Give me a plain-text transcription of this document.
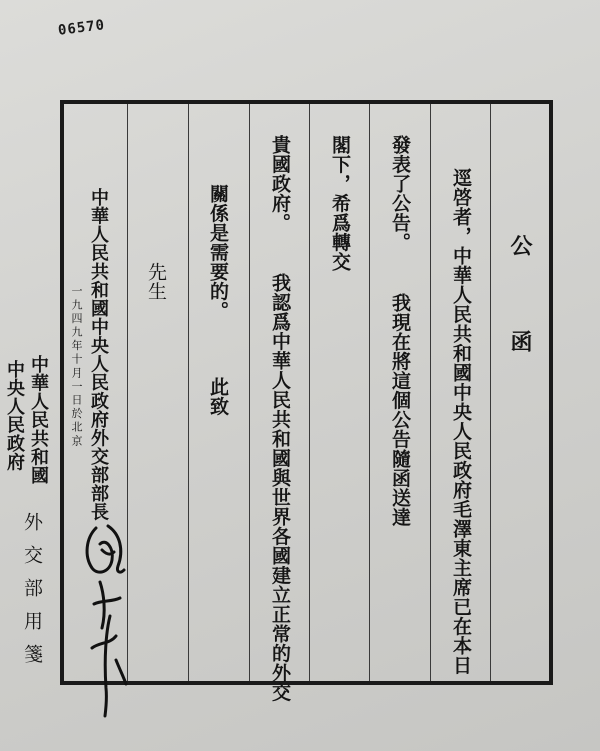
06570
公 函
逕啓者，中華人民共和國中央人民政府毛澤東主席已在本日
發表了公告。 我現在將這個公告隨函送達
閣下，希爲轉交
貴國政府。 我認爲中華人民共和國與世界各國建立正常的外交
關係是需要的。 此致
先生
中華人民共和國中央人民政府外交部部長
一九四九年十月一日於北京
中華人民共和國
中央人民政府
外交部用箋
